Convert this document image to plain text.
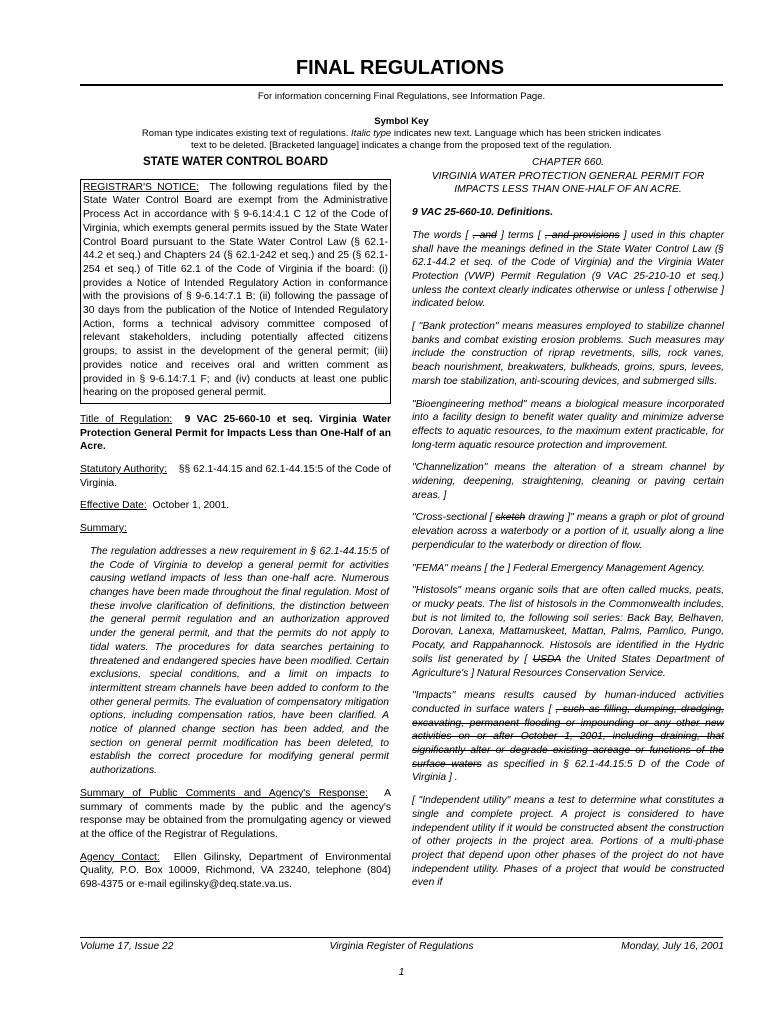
FINAL REGULATIONS
For information concerning Final Regulations, see Information Page.
Symbol Key
Roman type indicates existing text of regulations. Italic type indicates new text. Language which has been stricken indicates
text to be deleted. [Bracketed language] indicates a change from the proposed text of the regulation.
STATE WATER CONTROL BOARD
REGISTRAR'S NOTICE: The following regulations filed by the State Water Control Board are exempt from the Administrative Process Act in accordance with § 9-6.14:4.1 C 12 of the Code of Virginia, which exempts general permits issued by the State Water Control Board pursuant to the State Water Control Law (§ 62.1-44.2 et seq.) and Chapters 24 (§ 62.1-242 et seq.) and 25 (§ 62.1-254 et seq.) of Title 62.1 of the Code of Virginia if the board: (i) provides a Notice of Intended Regulatory Action in conformance with the provisions of § 9-6.14:7.1 B; (ii) following the passage of 30 days from the publication of the Notice of Intended Regulatory Action, forms a technical advisory committee composed of relevant stakeholders, including potentially affected citizens groups, to assist in the development of the general permit; (iii) provides notice and receives oral and written comment as provided in § 9-6.14:7.1 F; and (iv) conducts at least one public hearing on the proposed general permit.
Title of Regulation: 9 VAC 25-660-10 et seq. Virginia Water Protection General Permit for Impacts Less than One-Half of an Acre.
Statutory Authority: §§ 62.1-44.15 and 62.1-44.15:5 of the Code of Virginia.
Effective Date: October 1, 2001.
Summary:
The regulation addresses a new requirement in § 62.1-44.15:5 of the Code of Virginia to develop a general permit for activities causing wetland impacts of less than one-half acre. Numerous changes have been made throughout the final regulation. Most of these involve clarification of definitions, the distinction between the general permit regulation and an authorization approved under the general permit, and that the permits do not apply to tidal waters. The procedures for data searches pertaining to threatened and endangered species have been modified. Certain exclusions, special conditions, and a limit on impacts to intermittent stream channels have been added to conform to the other general permits. The evaluation of compensatory mitigation options, including compensation ratios, have been clarified. A notice of planned change section has been added, and the section on general permit modification has been deleted, to establish the correct procedure for modifying general permit authorizations.
Summary of Public Comments and Agency's Response: A summary of comments made by the public and the agency's response may be obtained from the promulgating agency or viewed at the office of the Registrar of Regulations.
Agency Contact: Ellen Gilinsky, Department of Environmental Quality, P.O. Box 10009, Richmond, VA 23240, telephone (804) 698-4375 or e-mail egilinsky@deq.state.va.us.
CHAPTER 660.
VIRGINIA WATER PROTECTION GENERAL PERMIT FOR IMPACTS LESS THAN ONE-HALF OF AN ACRE.
9 VAC 25-660-10. Definitions.
The words [ , and ] terms [ , and provisions ] used in this chapter shall have the meanings defined in the State Water Control Law (§ 62.1-44.2 et seq. of the Code of Virginia) and the Virginia Water Protection (VWP) Permit Regulation (9 VAC 25-210-10 et seq.) unless the context clearly indicates otherwise or unless [ otherwise ] indicated below.
[ "Bank protection" means measures employed to stabilize channel banks and combat existing erosion problems. Such measures may include the construction of riprap revetments, sills, rock vanes, beach nourishment, breakwaters, bulkheads, groins, spurs, levees, marsh toe stabilization, anti-scouring devices, and submerged sills.
"Bioengineering method" means a biological measure incorporated into a facility design to benefit water quality and minimize adverse effects to aquatic resources, to the maximum extent practicable, for long-term aquatic resource protection and improvement.
"Channelization" means the alteration of a stream channel by widening, deepening, straightening, cleaning or paving certain areas. ]
"Cross-sectional [ sketch drawing ]" means a graph or plot of ground elevation across a waterbody or a portion of it, usually along a line perpendicular to the waterbody or direction of flow.
"FEMA" means [ the ] Federal Emergency Management Agency.
"Histosols" means organic soils that are often called mucks, peats, or mucky peats. The list of histosols in the Commonwealth includes, but is not limited to, the following soil series: Back Bay, Belhaven, Dorovan, Lanexa, Mattamuskeet, Mattan, Palms, Pamlico, Pungo, Pocaty, and Rappahannock. Histosols are identified in the Hydric soils list generated by [ USDA the United States Department of Agriculture's ] Natural Resources Conservation Service.
"Impacts" means results caused by human-induced activities conducted in surface waters [ , such as filling, dumping, dredging, excavating, permanent flooding or impounding or any other new activities on or after October 1, 2001, including draining, that significantly alter or degrade existing acreage or functions of the surface waters as specified in § 62.1-44.15:5 D of the Code of Virginia ] .
[ "Independent utility" means a test to determine what constitutes a single and complete project. A project is considered to have independent utility if it would be constructed absent the construction of other projects in the project area. Portions of a multi-phase project that depend upon other phases of the project do not have independent utility. Phases of a project that would be constructed even if
Volume 17, Issue 22	Virginia Register of Regulations	Monday, July 16, 2001
1
